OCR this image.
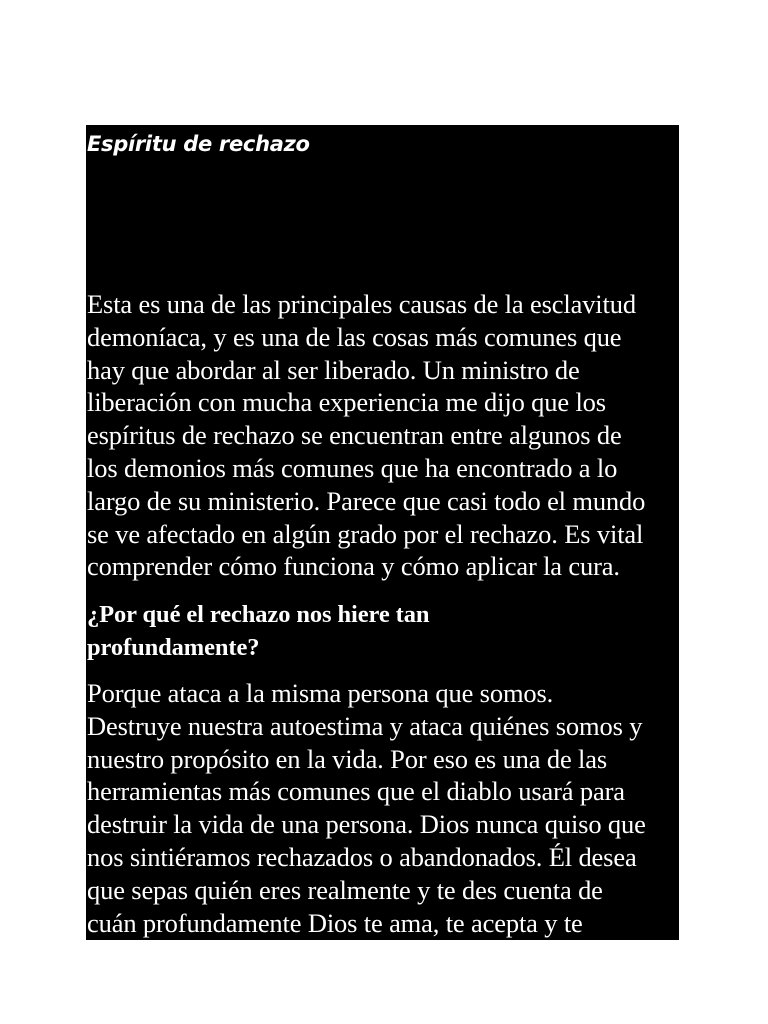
Espíritu de rechazo

Esta es una de las principales causas de la esclavitud
demoníaca, y es una de las cosas más comunes que
hay que abordar al ser liberado. Un ministro de
liberación con mucha experiencia me dijo que los
espíritus de rechazo se encuentran entre algunos de
los demonios más comunes que ha encontrado a lo
largo de su ministerio. Parece que casi todo el mundo
se ve afectado en algún grado por el rechazo. Es vital
comprender cómo funciona y cómo aplicar la cura.

¿Por qué el rechazo nos hiere tan
profundamente?

Porque ataca a la misma persona que somos.
Destruye nuestra autoestima y ataca quiénes somos y
nuestro propósito en la vida. Por eso es una de las
herramientas más comunes que el diablo usará para
destruir la vida de una persona. Dios nunca quiso que
nos sintiéramos rechazados o abandonados. Él desea
que sepas quién eres realmente y te des cuenta de
cuán profundamente Dios te ama, te acepta y te
